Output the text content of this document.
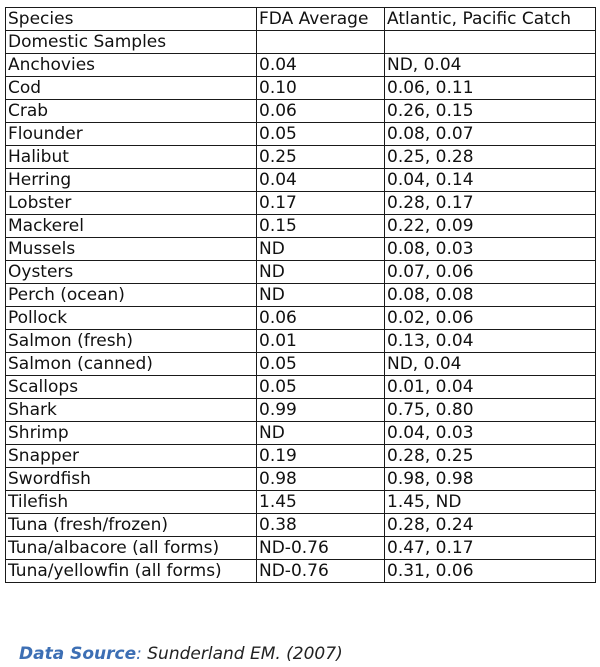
Species	FDA Average	Atlantic, Pacific Catch
Domestic Samples		
Anchovies	0.04	ND, 0.04
Cod	0.10	0.06, 0.11
Crab	0.06	0.26, 0.15
Flounder	0.05	0.08, 0.07
Halibut	0.25	0.25, 0.28
Herring	0.04	0.04, 0.14
Lobster	0.17	0.28, 0.17
Mackerel	0.15	0.22, 0.09
Mussels	ND	0.08, 0.03
Oysters	ND	0.07, 0.06
Perch (ocean)	ND	0.08, 0.08
Pollock	0.06	0.02, 0.06
Salmon (fresh)	0.01	0.13, 0.04
Salmon (canned)	0.05	ND, 0.04
Scallops	0.05	0.01, 0.04
Shark	0.99	0.75, 0.80
Shrimp	ND	0.04, 0.03
Snapper	0.19	0.28, 0.25
Swordfish	0.98	0.98, 0.98
Tilefish	1.45	1.45, ND
Tuna (fresh/frozen)	0.38	0.28, 0.24
Tuna/albacore (all forms)	ND-0.76	0.47, 0.17
Tuna/yellowfin (all forms)	ND-0.76	0.31, 0.06
Data Source: Sunderland EM. (2007)
